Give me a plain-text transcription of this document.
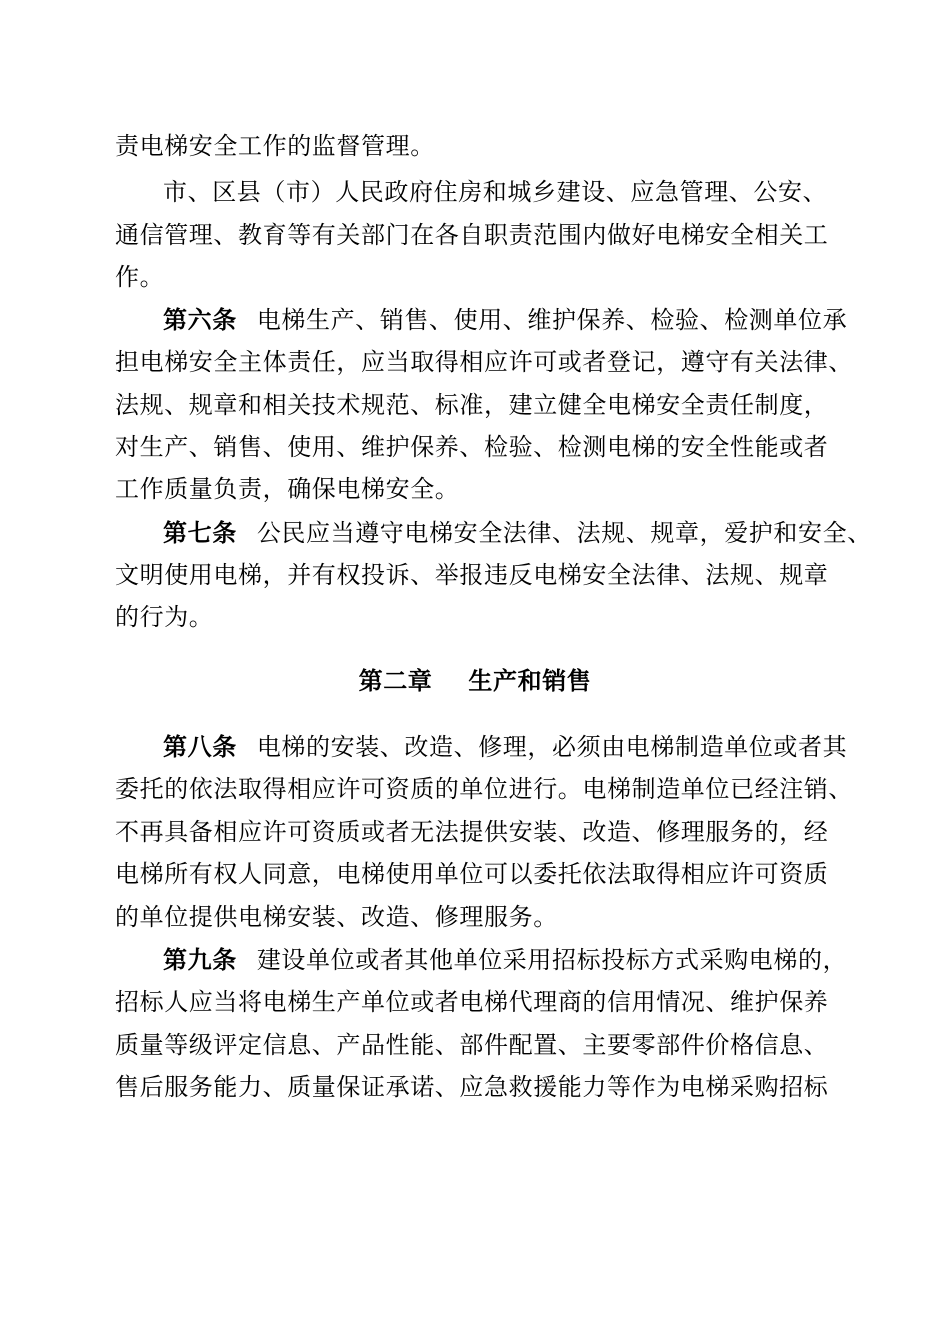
责电梯安全工作的监督管理。
市、区县（市）人民政府住房和城乡建设、应急管理、公安、
通信管理、教育等有关部门在各自职责范围内做好电梯安全相关工
作。
第六条 电梯生产、销售、使用、维护保养、检验、检测单位承
担电梯安全主体责任，应当取得相应许可或者登记，遵守有关法律、
法规、规章和相关技术规范、标准，建立健全电梯安全责任制度，
对生产、销售、使用、维护保养、检验、检测电梯的安全性能或者
工作质量负责，确保电梯安全。
第七条 公民应当遵守电梯安全法律、法规、规章，爱护和安全、
文明使用电梯，并有权投诉、举报违反电梯安全法律、法规、规章
的行为。
第二章 生产和销售
第八条 电梯的安装、改造、修理，必须由电梯制造单位或者其
委托的依法取得相应许可资质的单位进行。电梯制造单位已经注销、
不再具备相应许可资质或者无法提供安装、改造、修理服务的，经
电梯所有权人同意，电梯使用单位可以委托依法取得相应许可资质
的单位提供电梯安装、改造、修理服务。
第九条 建设单位或者其他单位采用招标投标方式采购电梯的，
招标人应当将电梯生产单位或者电梯代理商的信用情况、维护保养
质量等级评定信息、产品性能、部件配置、主要零部件价格信息、
售后服务能力、质量保证承诺、应急救援能力等作为电梯采购招标
